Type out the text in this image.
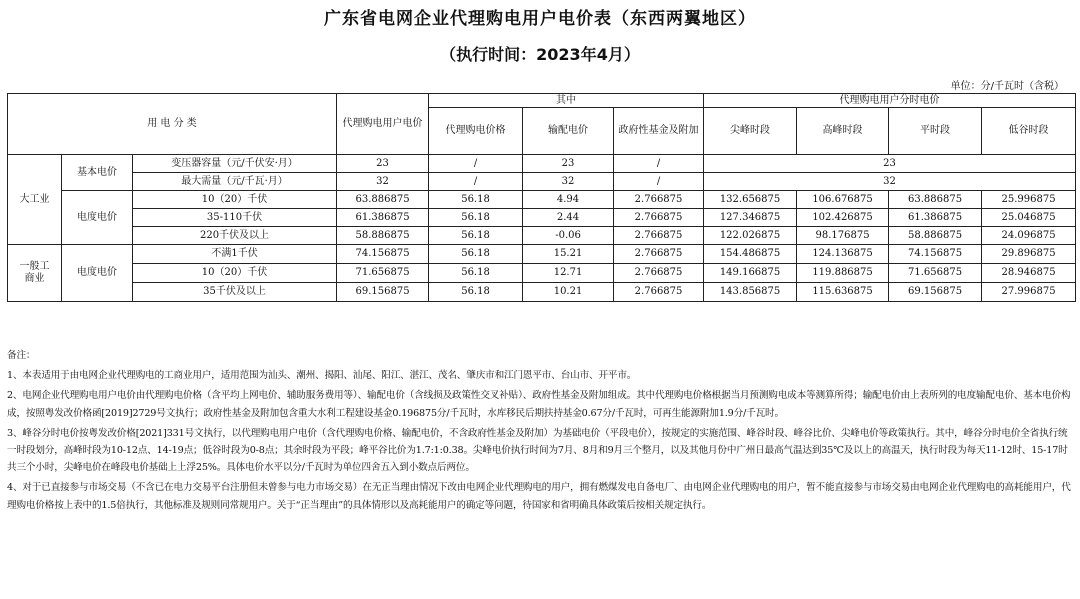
广东省电网企业代理购电用户电价表（东西两翼地区）
（执行时间：2023年4月）
单位：分/千瓦时（含税）
用 电 分 类			代理购电用户电价	其中			代理购电用户分时电价			
				代理购电价格	输配电价	政府性基金及附加	尖峰时段	高峰时段	平时段	低谷时段
大工业	基本电价	变压器容量（元/千伏安·月）	23	/	23	/	23			
		最大需量（元/千瓦·月）	32	/	32	/	32			
	电度电价	10（20）千伏	63.886875	56.18	4.94	2.766875	132.656875	106.676875	63.886875	25.996875
		35-110千伏	61.386875	56.18	2.44	2.766875	127.346875	102.426875	61.386875	25.046875
		220千伏及以上	58.886875	56.18	-0.06	2.766875	122.026875	98.176875	58.886875	24.096875
一般工
商业	电度电价	不满1千伏	74.156875	56.18	15.21	2.766875	154.486875	124.136875	74.156875	29.896875
		10（20）千伏	71.656875	56.18	12.71	2.766875	149.166875	119.886875	71.656875	28.946875
		35千伏及以上	69.156875	56.18	10.21	2.766875	143.856875	115.636875	69.156875	27.996875

备注：

1、本表适用于由电网企业代理购电的工商业用户，适用范围为汕头、潮州、揭阳、汕尾、阳江、湛江、茂名、肇庆市和江门恩平市、台山市、开平市。

2、电网企业代理购电用户电价由代理购电价格（含平均上网电价、辅助服务费用等）、输配电价（含线损及政策性交叉补贴）、政府性基金及附加组成。其中代理购电价格根据当月预测购电成本等测算所得；输配电价由上表所列的电度输配电价、基本电价构成，按照粤发改价格函[2019]2729号文执行；政府性基金及附加包含重大水利工程建设基金0.196875分/千瓦时，水库移民后期扶持基金0.67分/千瓦时，可再生能源附加1.9分/千瓦时。

3、峰谷分时电价按粤发改价格[2021]331号文执行，以代理购电用户电价（含代理购电价格、输配电价，不含政府性基金及附加）为基础电价（平段电价），按规定的实施范围、峰谷时段、峰谷比价、尖峰电价等政策执行。其中，峰谷分时电价全省执行统一时段划分，高峰时段为10-12点、14-19点；低谷时段为0-8点；其余时段为平段；峰平谷比价为1.7:1:0.38。尖峰电价执行时间为7月、8月和9月三个整月，以及其他月份中广州日最高气温达到35℃及以上的高温天，执行时段为每天11-12时、15-17时共三个小时，尖峰电价在峰段电价基础上上浮25%。具体电价水平以分/千瓦时为单位四舍五入到小数点后两位。

4、对于已直接参与市场交易（不含已在电力交易平台注册但未曾参与电力市场交易）在无正当理由情况下改由电网企业代理购电的用户，拥有燃煤发电自备电厂、由电网企业代理购电的用户，暂不能直接参与市场交易由电网企业代理购电的高耗能用户，代理购电价格按上表中的1.5倍执行，其他标准及规则同常规用户。关于“正当理由”的具体情形以及高耗能用户的确定等问题，待国家和省明确具体政策后按相关规定执行。
